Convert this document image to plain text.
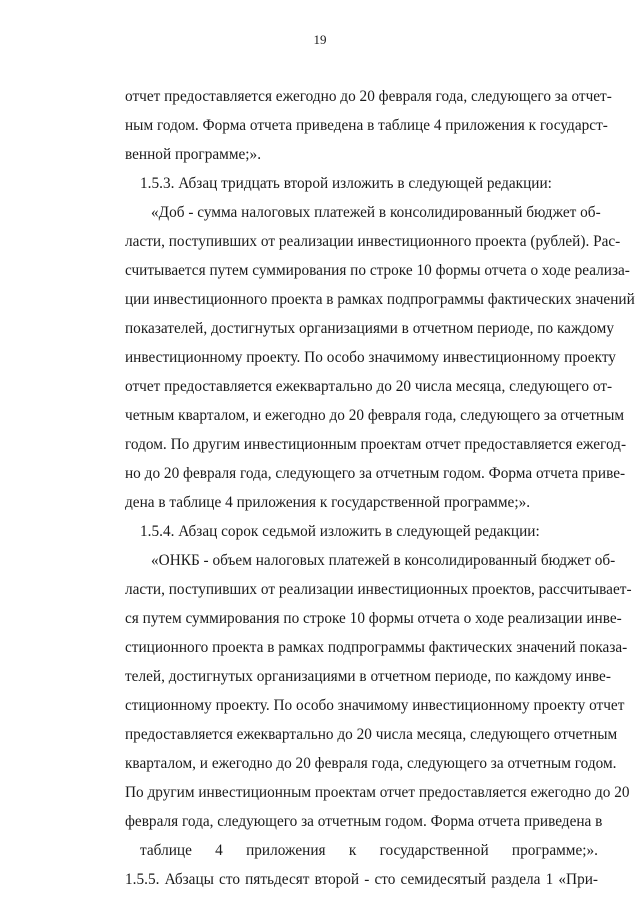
19
отчет предоставляется ежегодно до 20 февраля года, следующего за отчет-
ным годом. Форма отчета приведена в таблице 4 приложения к государст-
венной программе;».
1.5.3. Абзац тридцать второй изложить в следующей редакции:
«Доб - сумма налоговых платежей в консолидированный бюджет об-
ласти, поступивших от реализации инвестиционного проекта (рублей). Рас-
считывается путем суммирования по строке 10 формы отчета о ходе реализа-
ции инвестиционного проекта в рамках подпрограммы фактических значений
показателей, достигнутых организациями в отчетном периоде, по каждому
инвестиционному проекту. По особо значимому инвестиционному проекту
отчет предоставляется ежеквартально до 20 числа месяца, следующего от-
четным кварталом, и ежегодно до 20 февраля года, следующего за отчетным
годом. По другим инвестиционным проектам отчет предоставляется ежегод-
но до 20 февраля года, следующего за отчетным годом. Форма отчета приве-
дена в таблице 4 приложения к государственной программе;».
1.5.4. Абзац сорок седьмой изложить в следующей редакции:
«ОНКБ - объем налоговых платежей в консолидированный бюджет об-
ласти, поступивших от реализации инвестиционных проектов, рассчитывает-
ся путем суммирования по строке 10 формы отчета о ходе реализации инве-
стиционного проекта в рамках подпрограммы фактических значений показа-
телей, достигнутых организациями в отчетном периоде, по каждому инве-
стиционному проекту. По особо значимому инвестиционному проекту отчет
предоставляется ежеквартально до 20 числа месяца, следующего отчетным
кварталом, и ежегодно до 20 февраля года, следующего за отчетным годом.
По другим инвестиционным проектам отчет предоставляется ежегодно до 20
февраля года, следующего за отчетным годом. Форма отчета приведена в
таблице 4 приложения к государственной программе;».
1.5.5. Абзацы сто пятьдесят второй - сто семидесятый раздела 1 «При-
